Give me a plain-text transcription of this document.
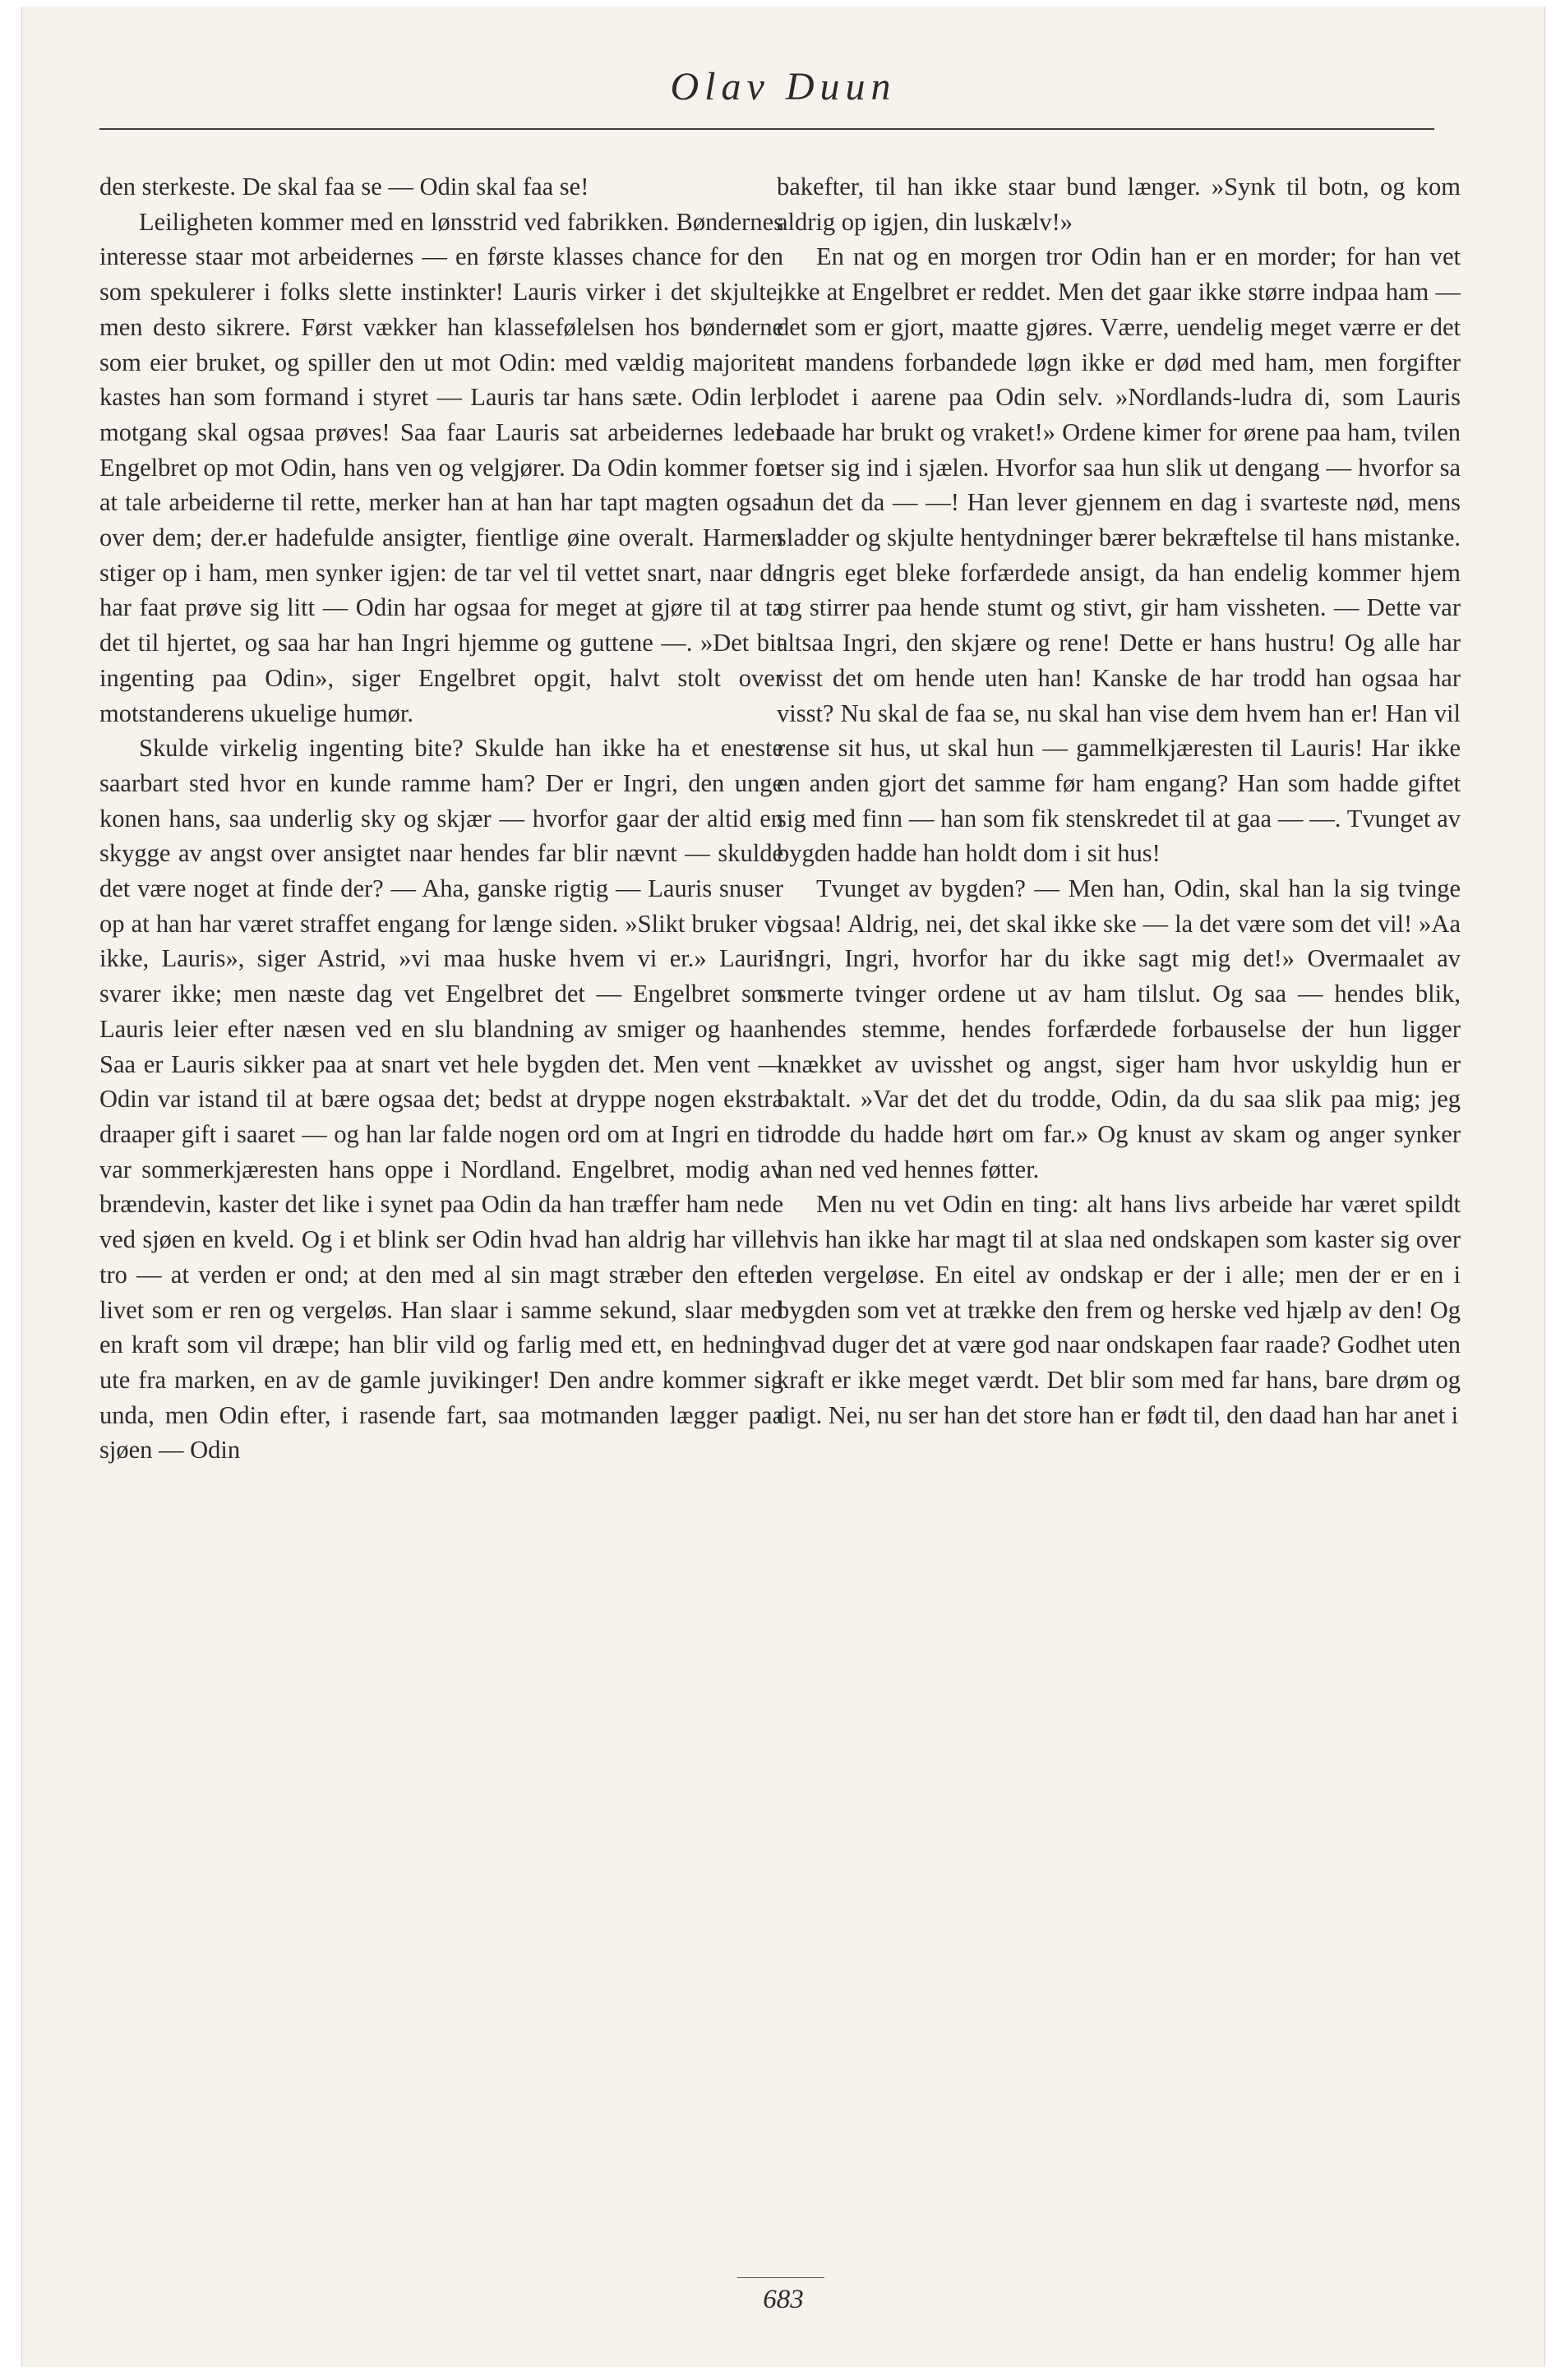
Olav Duun

den sterkeste. De skal faa se — Odin skal faa se!

Leiligheten kommer med en lønsstrid ved fabrikken. Bøndernes interesse staar mot arbeidernes — en første klasses chance for den som spekulerer i folks slette instinkter! Lauris virker i det skjulte, men desto sikrere. Først vækker han klassefølelsen hos bønderne som eier bruket, og spiller den ut mot Odin: med vældig majoritet kastes han som formand i styret — Lauris tar hans sæte. Odin ler; motgang skal ogsaa prøves! Saa faar Lauris sat arbeidernes leder Engelbret op mot Odin, hans ven og velgjører. Da Odin kommer for at tale arbeiderne til rette, merker han at han har tapt magten ogsaa over dem; der.er hadefulde ansigter, fientlige øine overalt. Harmen stiger op i ham, men synker igjen: de tar vel til vettet snart, naar de har faat prøve sig litt — Odin har ogsaa for meget at gjøre til at ta det til hjertet, og saa har han Ingri hjemme og guttene —. »Det bit ingenting paa Odin», siger Engelbret opgit, halvt stolt over motstanderens ukuelige humør.

Skulde virkelig ingenting bite? Skulde han ikke ha et eneste saarbart sted hvor en kunde ramme ham? Der er Ingri, den unge konen hans, saa underlig sky og skjær — hvorfor gaar der altid en skygge av angst over ansigtet naar hendes far blir nævnt — skulde det være noget at finde der? — Aha, ganske rigtig — Lauris snuser op at han har været straffet engang for længe siden. »Slikt bruker vi ikke, Lauris», siger Astrid, »vi maa huske hvem vi er.» Lauris svarer ikke; men næste dag vet Engelbret det — Engelbret som Lauris leier efter næsen ved en slu blandning av smiger og haan. Saa er Lauris sikker paa at snart vet hele bygden det. Men vent — Odin var istand til at bære ogsaa det; bedst at dryppe nogen ekstra draaper gift i saaret — og han lar falde nogen ord om at Ingri en tid var sommerkjæresten hans oppe i Nordland. Engelbret, modig av brændevin, kaster det like i synet paa Odin da han træffer ham nede ved sjøen en kveld. Og i et blink ser Odin hvad han aldrig har villet tro — at verden er ond; at den med al sin magt stræber den efter livet som er ren og vergeløs. Han slaar i samme sekund, slaar med en kraft som vil dræpe; han blir vild og farlig med ett, en hedning ute fra marken, en av de gamle juvikinger! Den andre kommer sig unda, men Odin efter, i rasende fart, saa motmanden lægger paa sjøen — Odin

bakefter, til han ikke staar bund længer. »Synk til botn, og kom aldrig op igjen, din luskælv!»

En nat og en morgen tror Odin han er en morder; for han vet ikke at Engelbret er reddet. Men det gaar ikke større indpaa ham — det som er gjort, maatte gjøres. Værre, uendelig meget værre er det at mandens forbandede løgn ikke er død med ham, men forgifter blodet i aarene paa Odin selv. »Nordlands-ludra di, som Lauris baade har brukt og vraket!» Ordene kimer for ørene paa ham, tvilen etser sig ind i sjælen. Hvorfor saa hun slik ut dengang — hvorfor sa hun det da — —! Han lever gjennem en dag i svarteste nød, mens sladder og skjulte hentydninger bærer bekræftelse til hans mistanke. Ingris eget bleke forfærdede ansigt, da han endelig kommer hjem og stirrer paa hende stumt og stivt, gir ham vissheten. — Dette var altsaa Ingri, den skjære og rene! Dette er hans hustru! Og alle har visst det om hende uten han! Kanske de har trodd han ogsaa har visst? Nu skal de faa se, nu skal han vise dem hvem han er! Han vil rense sit hus, ut skal hun — gammelkjæresten til Lauris! Har ikke en anden gjort det samme før ham engang? Han som hadde giftet sig med finn — han som fik stenskredet til at gaa — —. Tvunget av bygden hadde han holdt dom i sit hus!

Tvunget av bygden? — Men han, Odin, skal han la sig tvinge ogsaa! Aldrig, nei, det skal ikke ske — la det være som det vil! »Aa Ingri, Ingri, hvorfor har du ikke sagt mig det!» Overmaalet av smerte tvinger ordene ut av ham tilslut. Og saa — hendes blik, hendes stemme, hendes forfærdede forbauselse der hun ligger knækket av uvisshet og angst, siger ham hvor uskyldig hun er baktalt. »Var det det du trodde, Odin, da du saa slik paa mig; jeg trodde du hadde hørt om far.» Og knust av skam og anger synker han ned ved hennes føtter.

Men nu vet Odin en ting: alt hans livs arbeide har været spildt hvis han ikke har magt til at slaa ned ondskapen som kaster sig over den vergeløse. En eitel av ondskap er der i alle; men der er en i bygden som vet at trække den frem og herske ved hjælp av den! Og hvad duger det at være god naar ondskapen faar raade? Godhet uten kraft er ikke meget værdt. Det blir som med far hans, bare drøm og digt. Nei, nu ser han det store han er født til, den daad han har anet i

683
